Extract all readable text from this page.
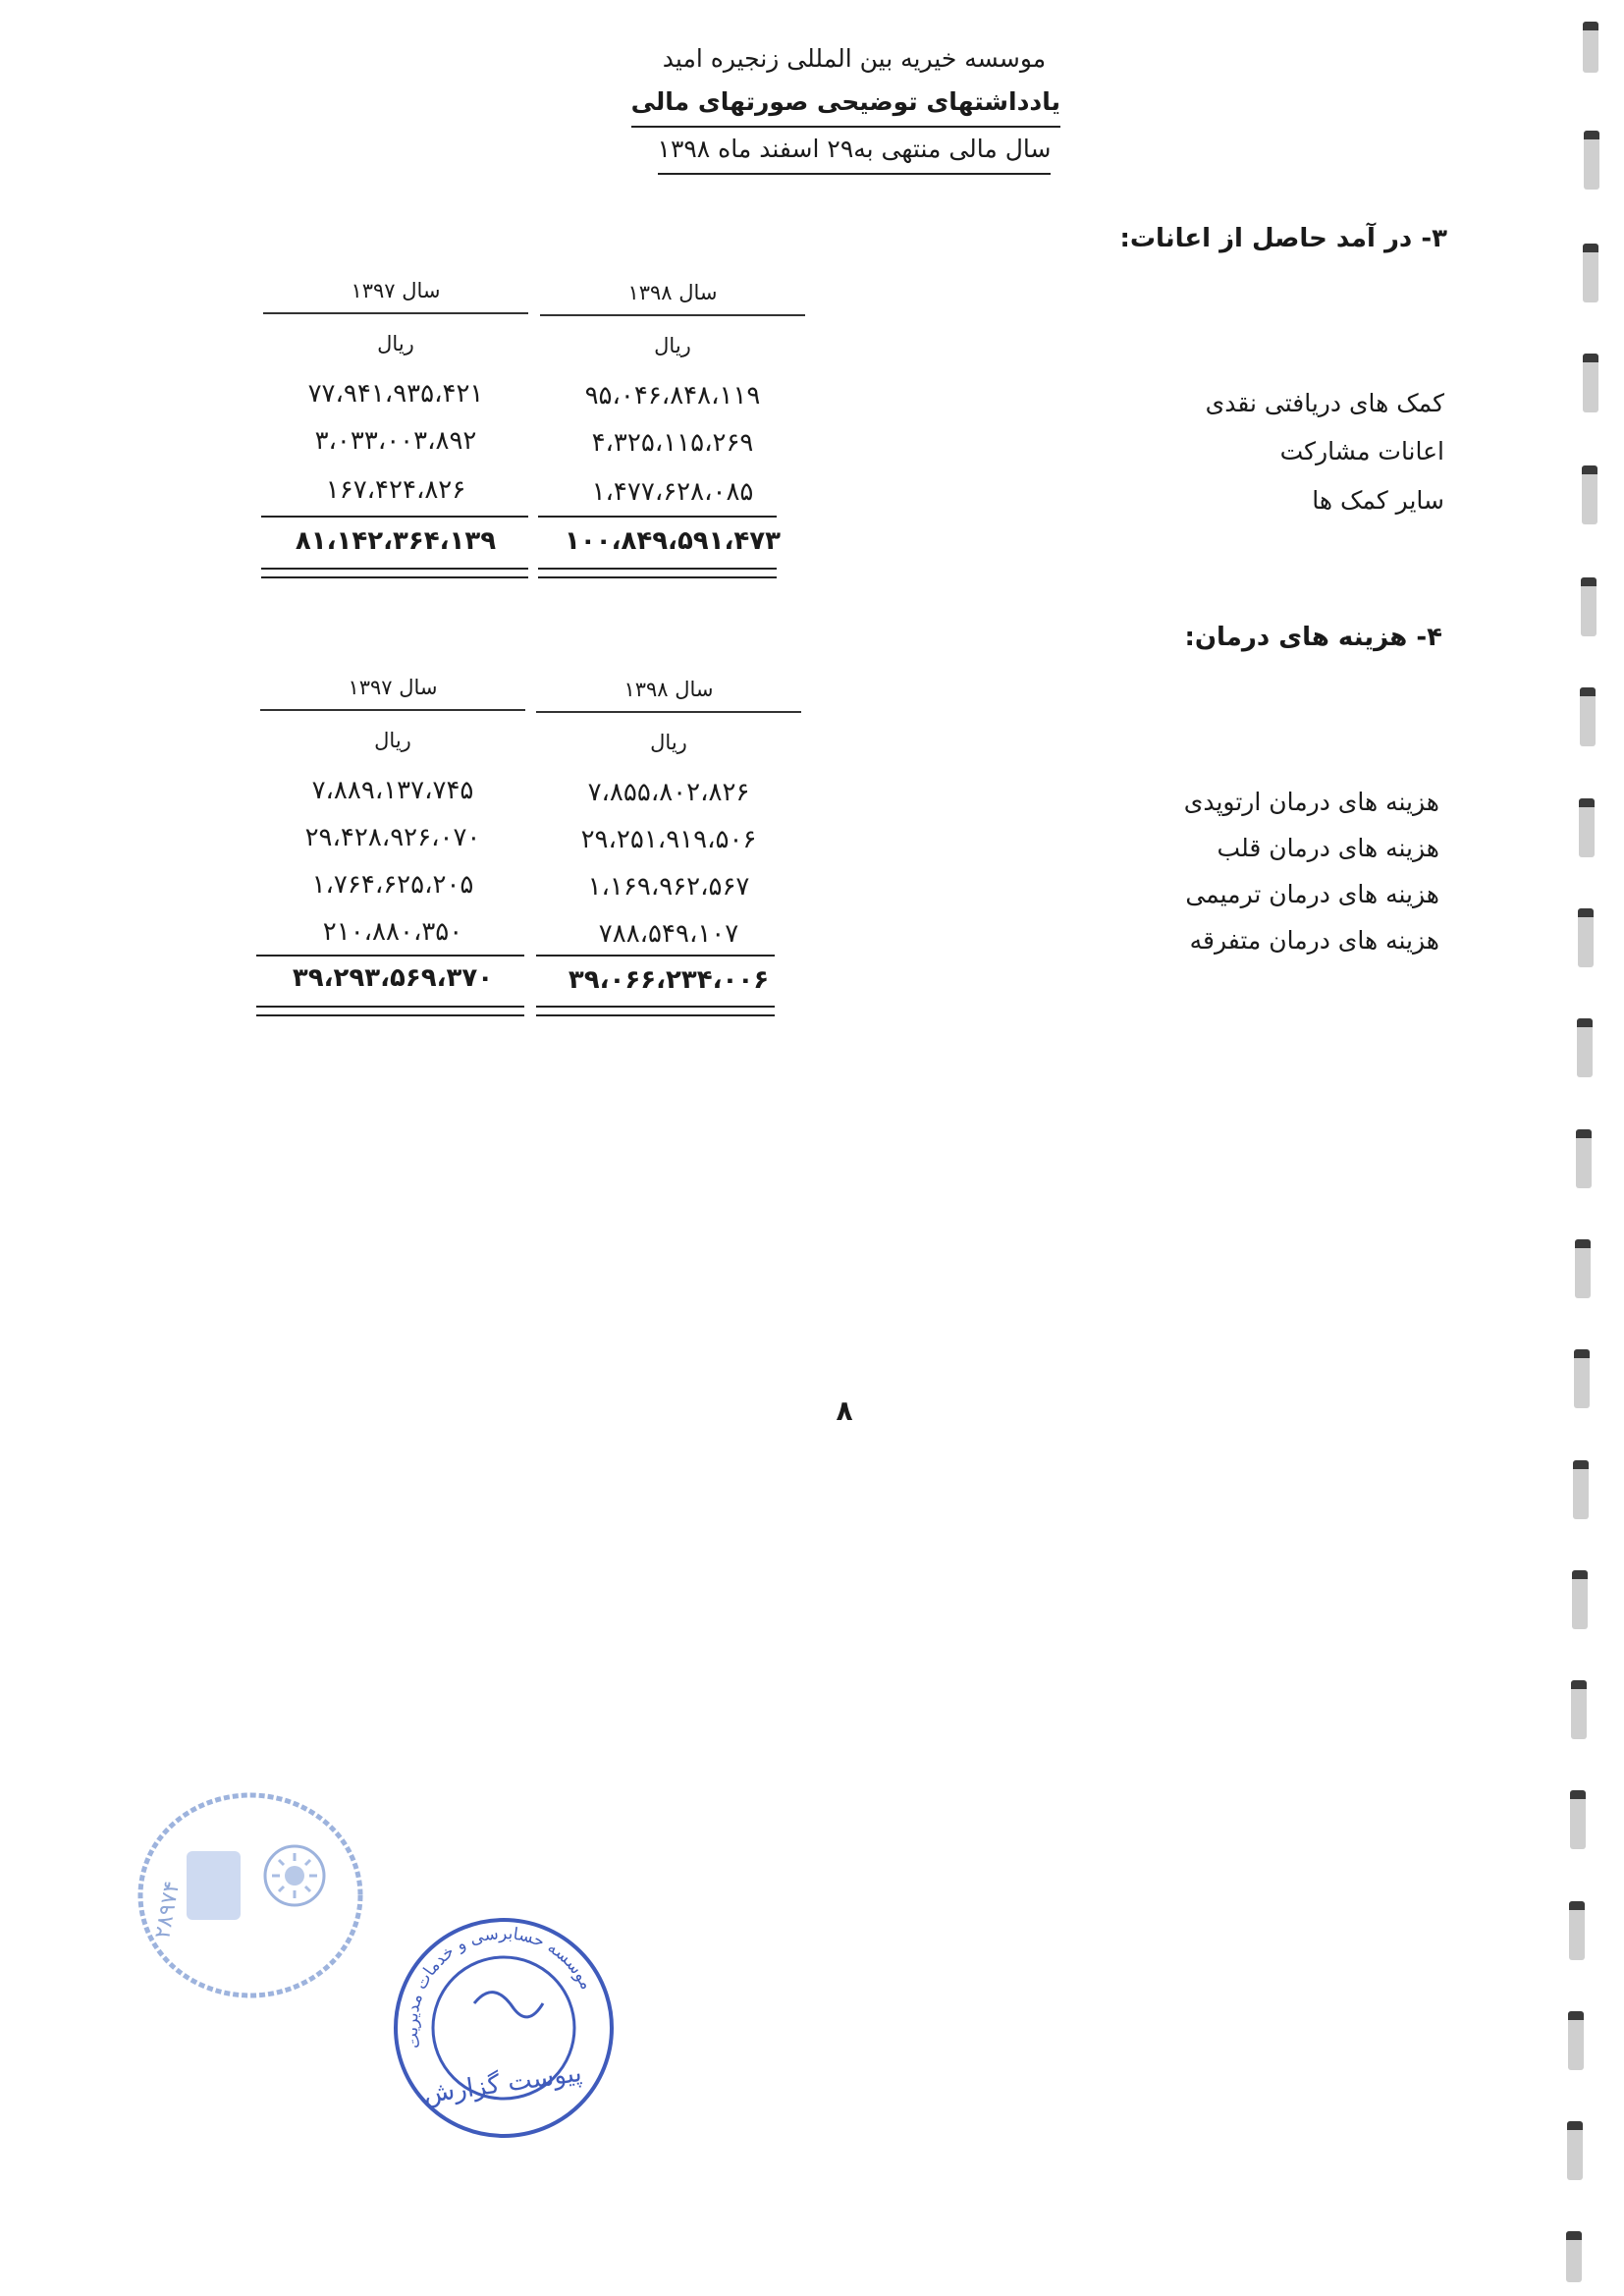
موسسه خیریه بین المللی زنجیره امید
یادداشتهای توضیحی صورتهای مالی
سال مالی منتهی به۲۹ اسفند ماه ۱۳۹۸
۳- در آمد حاصل از اعانات:
سال ۱۳۹۸
ریال
سال ۱۳۹۷
ریال
کمک های دریافتی نقدی
۹۵،۰۴۶،۸۴۸،۱۱۹
۷۷،۹۴۱،۹۳۵،۴۲۱
اعانات مشارکت
۴،۳۲۵،۱۱۵،۲۶۹
۳،۰۳۳،۰۰۳،۸۹۲
سایر کمک ها
۱،۴۷۷،۶۲۸،۰۸۵
۱۶۷،۴۲۴،۸۲۶
۱۰۰،۸۴۹،۵۹۱،۴۷۳
۸۱،۱۴۲،۳۶۴،۱۳۹
۴- هزینه های درمان:
سال ۱۳۹۸
ریال
سال ۱۳۹۷
ریال
هزینه های درمان ارتوپدی
۷،۸۵۵،۸۰۲،۸۲۶
۷،۸۸۹،۱۳۷،۷۴۵
هزینه های درمان قلب
۲۹،۲۵۱،۹۱۹،۵۰۶
۲۹،۴۲۸،۹۲۶،۰۷۰
هزینه های درمان ترمیمی
۱،۱۶۹،۹۶۲،۵۶۷
۱،۷۶۴،۶۲۵،۲۰۵
هزینه های درمان متفرقه
۷۸۸،۵۴۹،۱۰۷
۲۱۰،۸۸۰،۳۵۰
۳۹،۰۶۶،۲۳۴،۰۰۶
۳۹،۲۹۳،۵۶۹،۳۷۰
۸
۲۸۹۷۴
موسسه حسابرسی و خدمات مدیریت
پیوست گزارش
